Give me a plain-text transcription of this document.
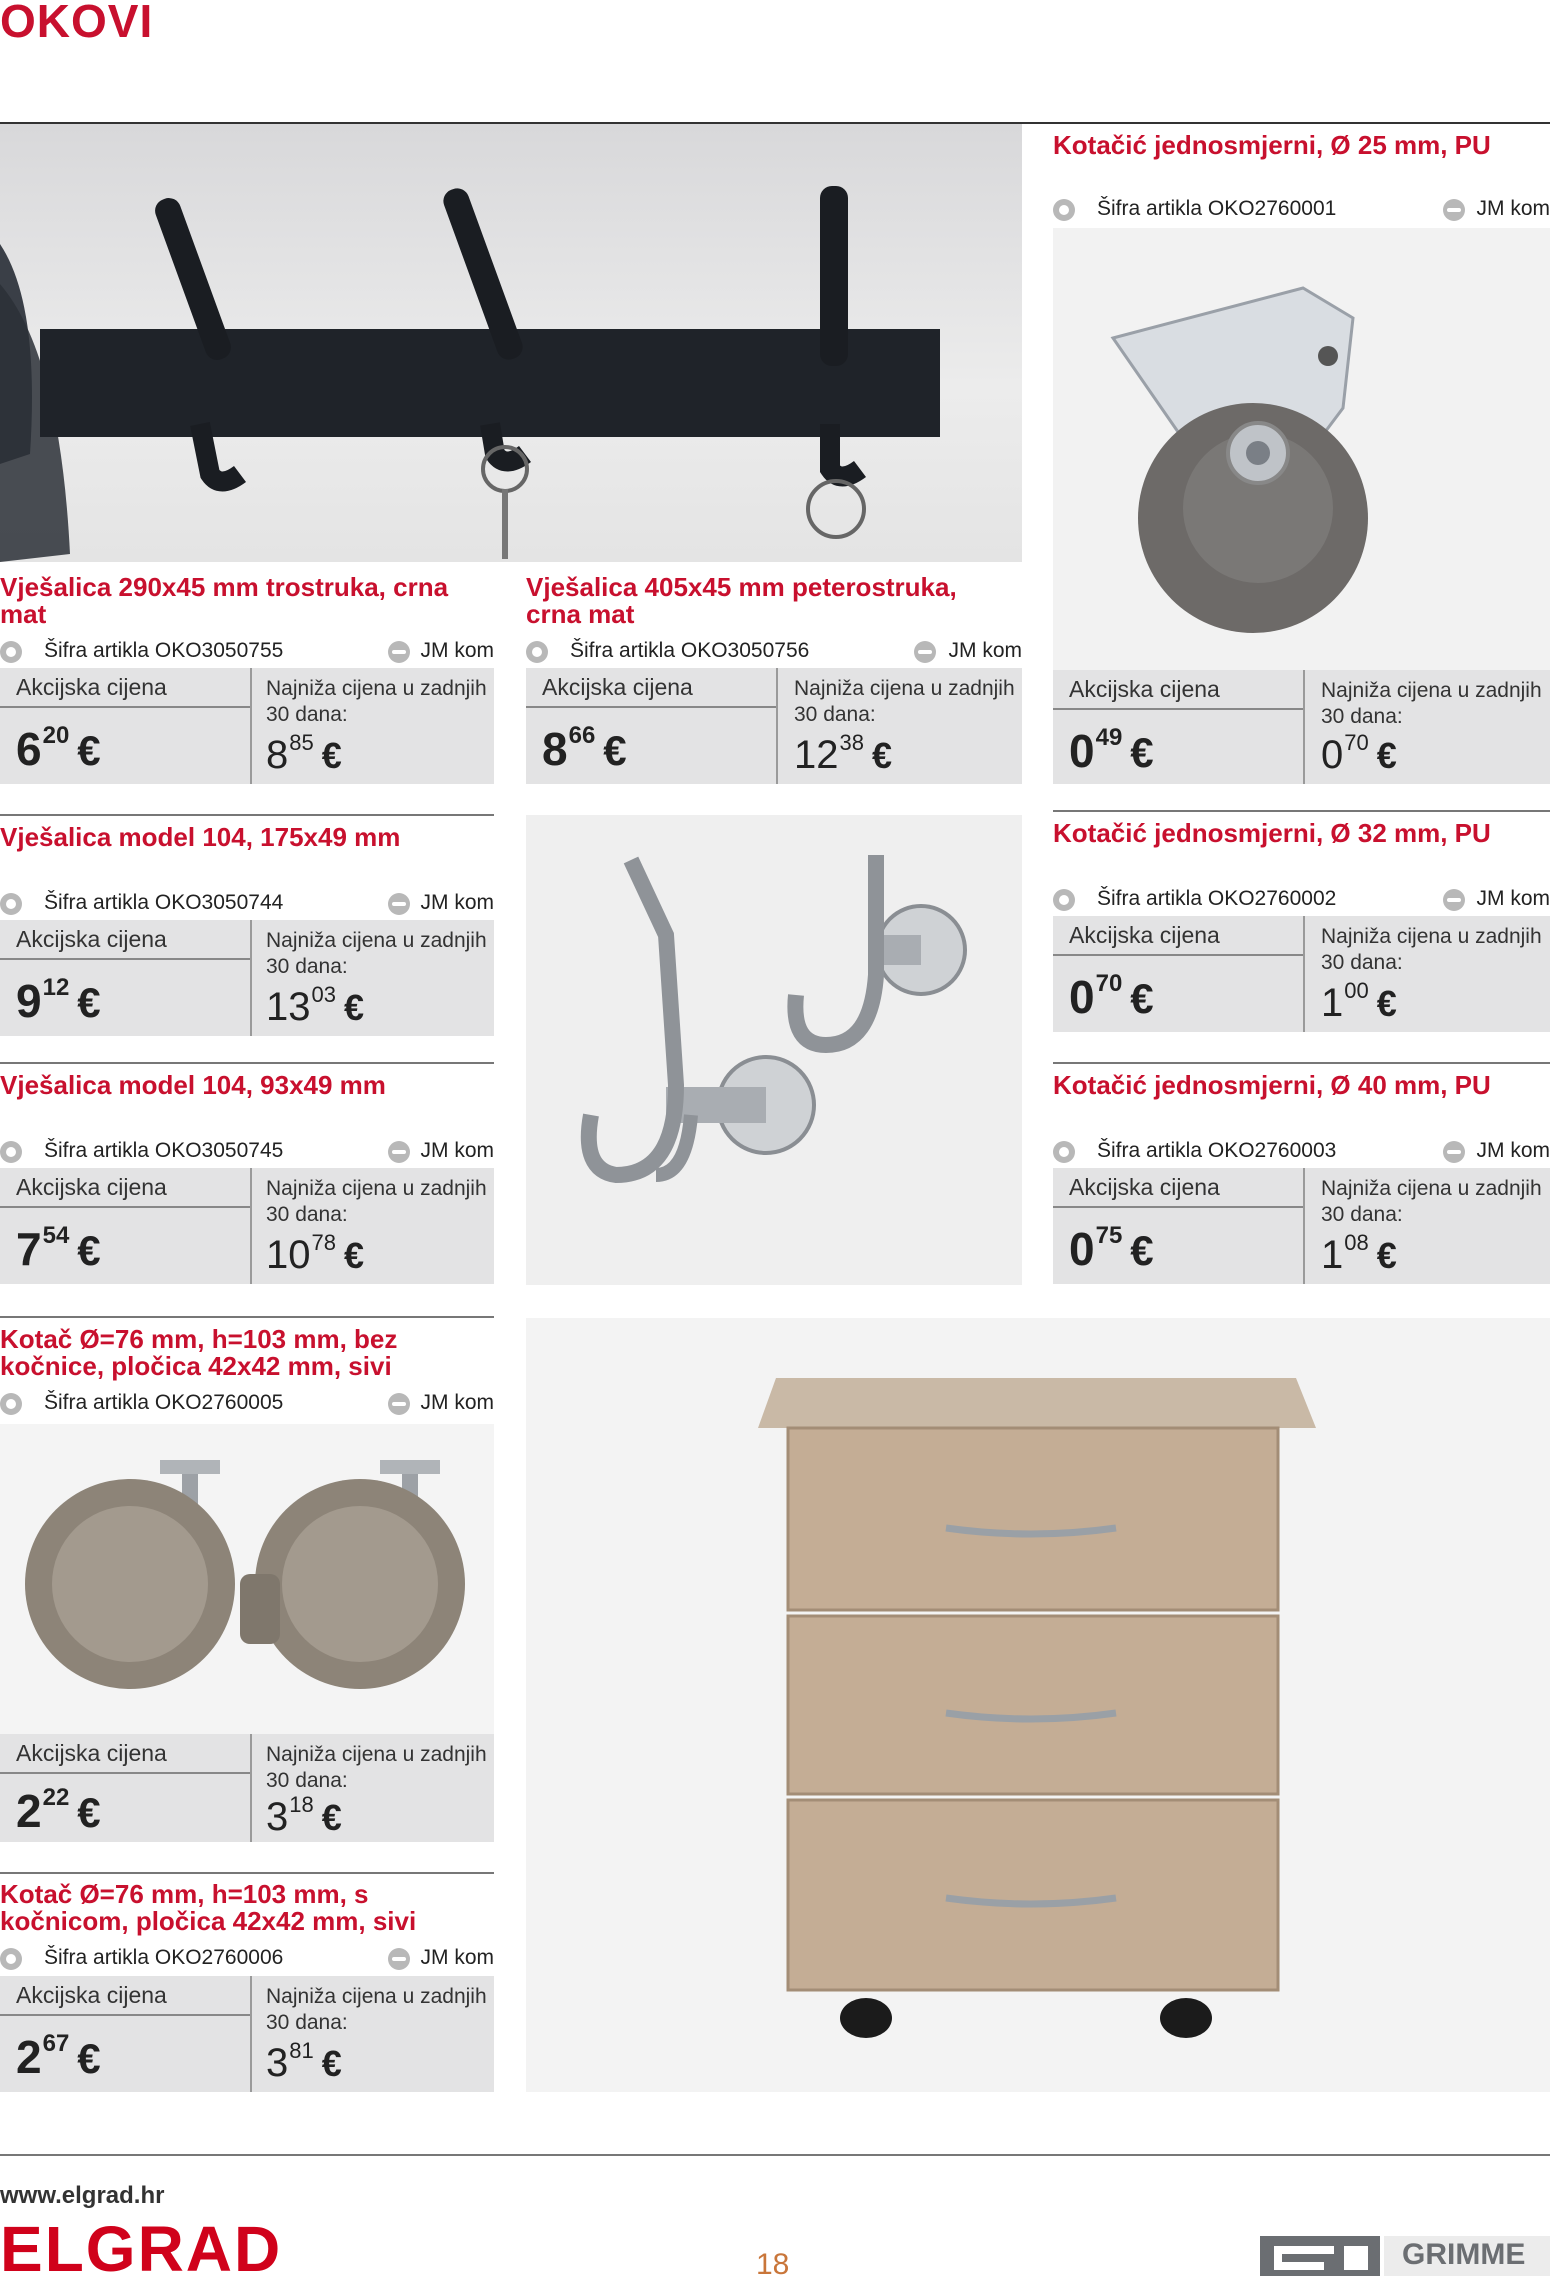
OKOVI
Vješalica 290x45 mm trostruka, crna mat
Šifra artikla OKO3050755	JM kom
Akcijska cijena	Najniža cijena u zadnjih 30 dana:
620 €	885 €
Vješalica 405x45 mm peterostruka, crna mat
Šifra artikla OKO3050756	JM kom
Akcijska cijena	Najniža cijena u zadnjih 30 dana:
866 €	1238 €
Kotačić jednosmjerni, Ø 25 mm, PU
Šifra artikla OKO2760001	JM kom
Akcijska cijena	Najniža cijena u zadnjih 30 dana:
049 €	070 €
Vješalica model 104, 175x49 mm
Šifra artikla OKO3050744	JM kom
Akcijska cijena	Najniža cijena u zadnjih 30 dana:
912 €	1303 €
Kotačić jednosmjerni, Ø 32 mm, PU
Šifra artikla OKO2760002	JM kom
Akcijska cijena	Najniža cijena u zadnjih 30 dana:
070 €	100 €
Vješalica model 104, 93x49 mm
Šifra artikla OKO3050745	JM kom
Akcijska cijena	Najniža cijena u zadnjih 30 dana:
754 €	1078 €
Kotačić jednosmjerni, Ø 40 mm, PU
Šifra artikla OKO2760003	JM kom
Akcijska cijena	Najniža cijena u zadnjih 30 dana:
075 €	108 €
Kotač Ø=76 mm, h=103 mm, bez kočnice, pločica 42x42 mm, sivi
Šifra artikla OKO2760005	JM kom
Akcijska cijena	Najniža cijena u zadnjih 30 dana:
222 €	318 €
Kotač Ø=76 mm, h=103 mm, s kočnicom, pločica 42x42 mm, sivi
Šifra artikla OKO2760006	JM kom
Akcijska cijena	Najniža cijena u zadnjih 30 dana:
267 €	381 €
www.elgrad.hr
ELGRAD	18	GRIMME
